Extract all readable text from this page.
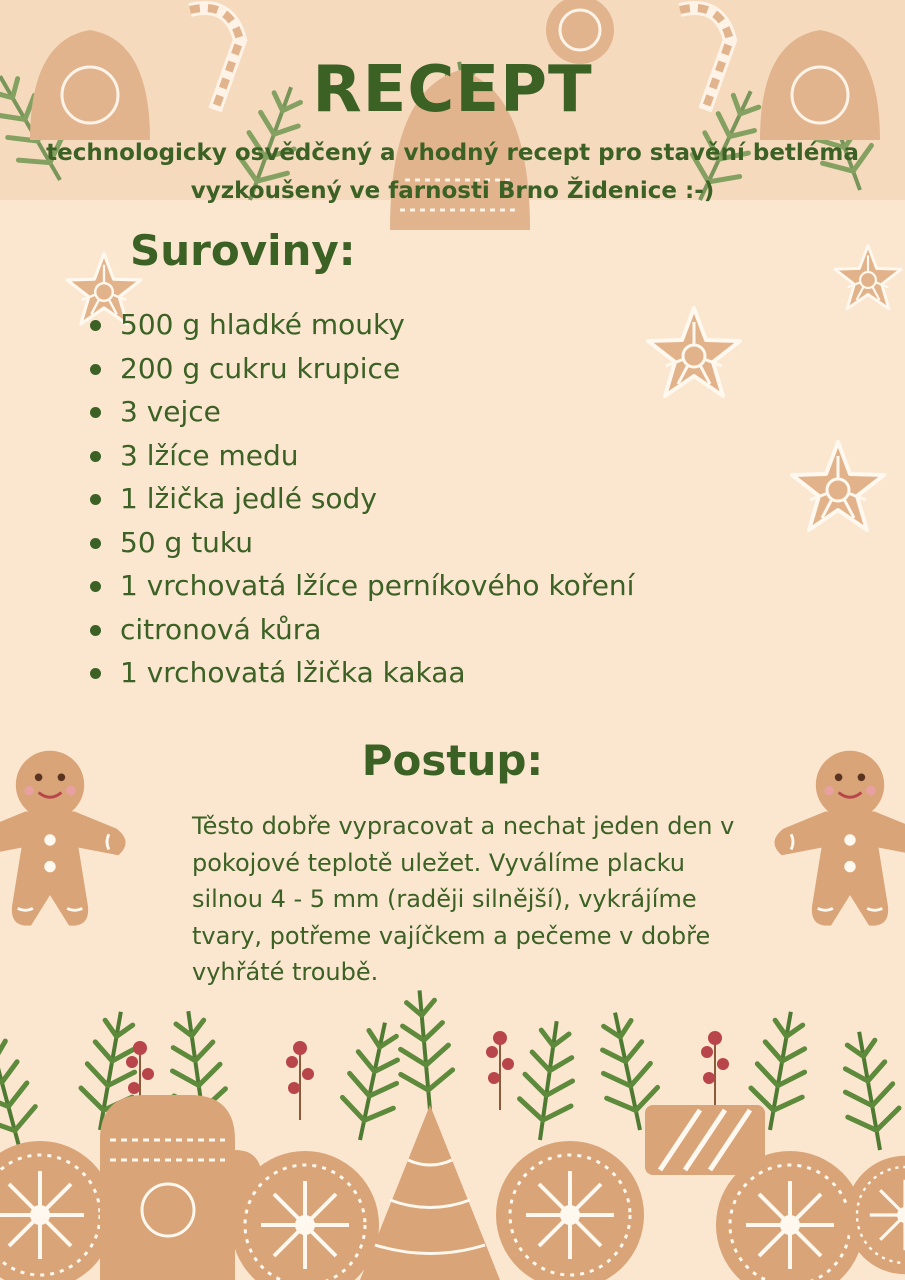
RECEPT
technologicky osvědčený a vhodný recept pro stavění betléma vyzkoušený ve farnosti Brno Židenice :-)
Suroviny:
500 g hladké mouky
200 g cukru krupice
3 vejce
3 lžíce medu
1 lžička jedlé sody
50 g tuku
1 vrchovatá lžíce perníkového koření
citronová kůra
1 vrchovatá lžička kakaa
Postup:

Těsto dobře vypracovat a nechat jeden den v pokojové teplotě uležet. Vyválíme placku silnou 4 - 5 mm (raději silnější), vykrájíme tvary, potřeme vajíčkem a pečeme v dobře vyhřáté troubě.
